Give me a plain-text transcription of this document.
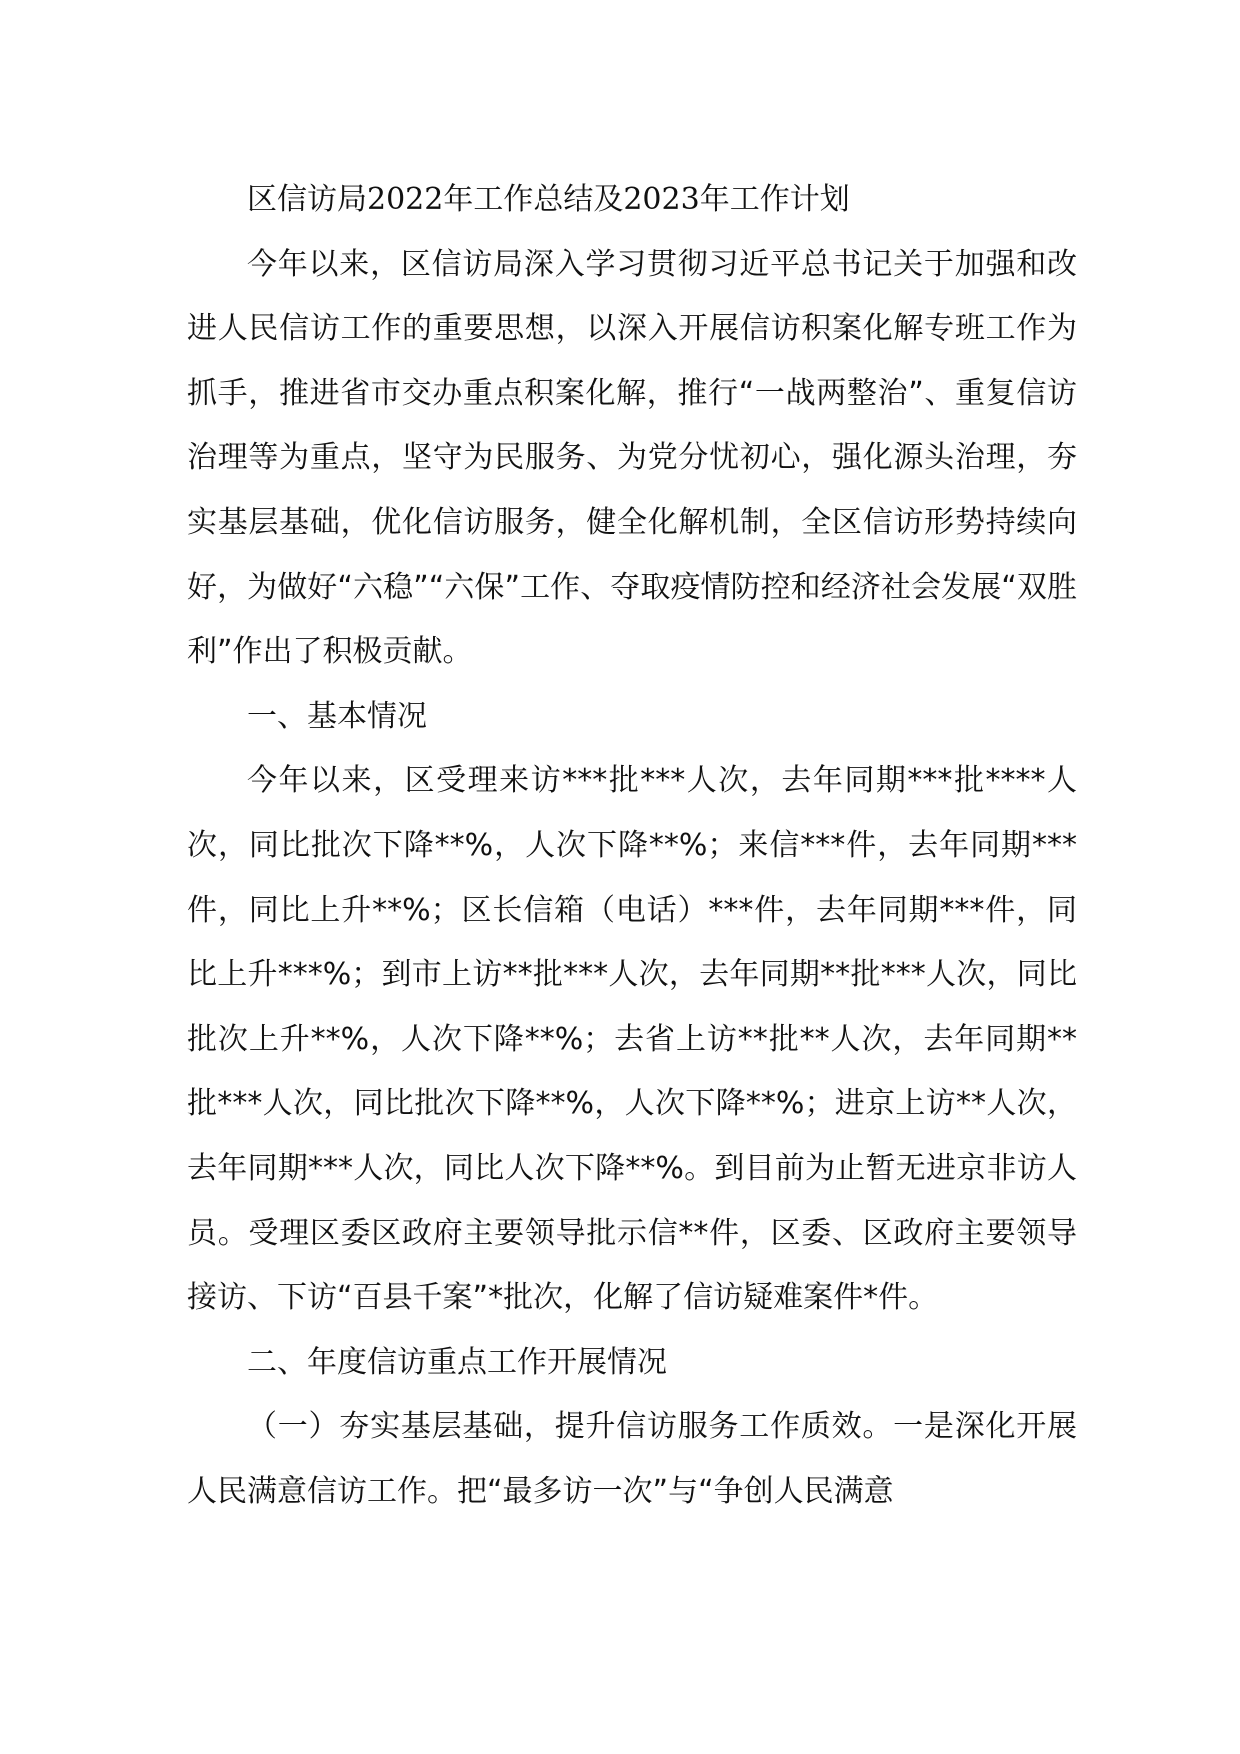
区信访局2022年工作总结及2023年工作计划

今年以来，区信访局深入学习贯彻习近平总书记关于加强和改进人民信访工作的重要思想，以深入开展信访积案化解专班工作为抓手，推进省市交办重点积案化解，推行“一战两整治”、重复信访治理等为重点，坚守为民服务、为党分忧初心，强化源头治理，夯实基层基础，优化信访服务，健全化解机制，全区信访形势持续向好，为做好“六稳”“六保”工作、夺取疫情防控和经济社会发展“双胜利”作出了积极贡献。

一、基本情况

今年以来，区受理来访***批***人次，去年同期***批****人次，同比批次下降**%，人次下降**%；来信***件，去年同期***件，同比上升**%；区长信箱（电话）***件，去年同期***件，同比上升***%；到市上访**批***人次，去年同期**批***人次，同比批次上升**%，人次下降**%；去省上访**批**人次，去年同期**批***人次，同比批次下降**%，人次下降**%；进京上访**人次，去年同期***人次，同比人次下降**%。到目前为止暂无进京非访人员。受理区委区政府主要领导批示信**件，区委、区政府主要领导接访、下访“百县千案”*批次，化解了信访疑难案件*件。

二、年度信访重点工作开展情况

（一）夯实基层基础，提升信访服务工作质效。一是深化开展人民满意信访工作。把“最多访一次”与“争创人民满意
